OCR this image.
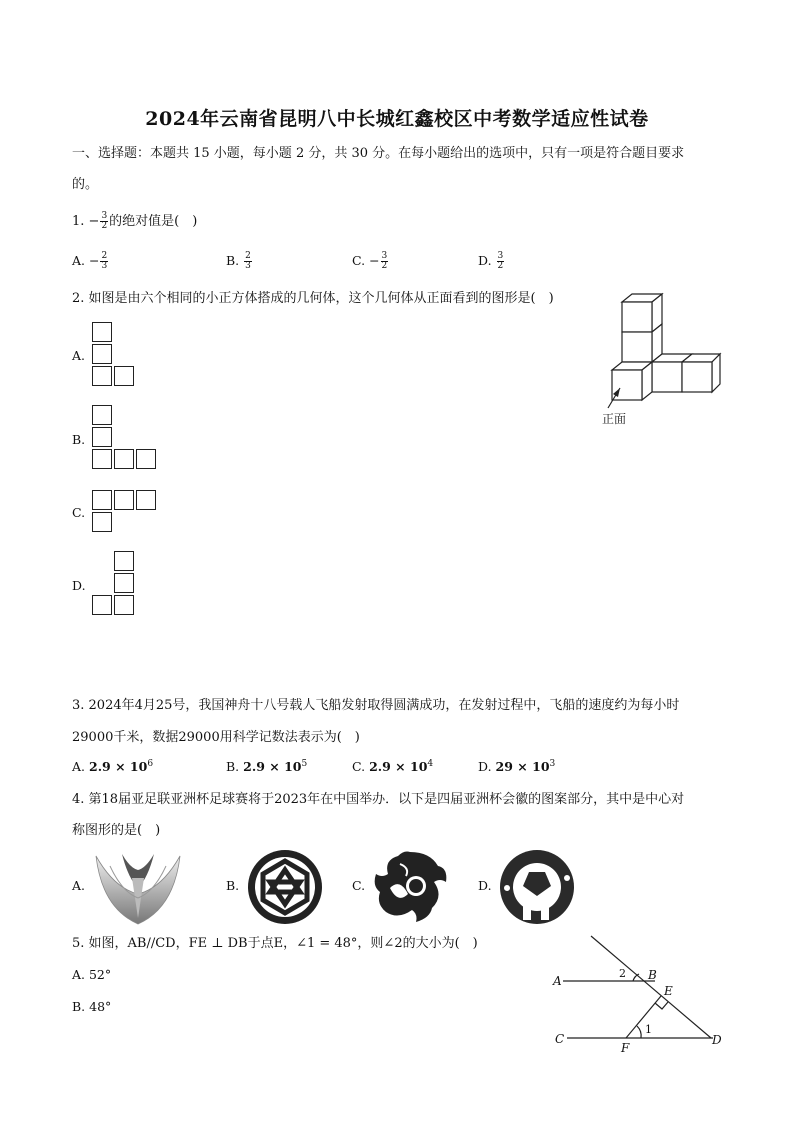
2024年云南省昆明八中长城红鑫校区中考数学适应性试卷
一、选择题：本题共 15 小题，每小题 2 分，共 30 分。在每小题给出的选项中，只有一项是符合题目要求
的。
1. − $\frac{3}{2}$ 的绝对值是(　)
A. − $\frac{2}{3}$	B. $\frac{2}{3}$	C. − $\frac{3}{2}$	D. $\frac{3}{2}$
2. 如图是由六个相同的小正方体搭成的几何体，这个几何体从正面看到的图形是(　)
A.
B.
C.
D.
正面
3. 2024年4月25号，我国神舟十八号载人飞船发射取得圆满成功，在发射过程中，飞船的速度约为每小时
29000千米，数据29000用科学记数法表示为(　)
A. $2.9 \times 10^6$	B. $2.9 \times 10^5$	C. $2.9 \times 10^4$	D. $29 \times 10^3$
4. 第18届亚足联亚洲杯足球赛将于2023年在中国举办．以下是四届亚洲杯会徽的图案部分，其中是中心对
称图形的是(　)
A.	B.	C.	D.
5. 如图，AB//CD，FE ⊥ DB于点E，∠1 = 48°，则∠2的大小为(　)
A. 52°
B. 48°
A	B
C	D
E
F
1
2
